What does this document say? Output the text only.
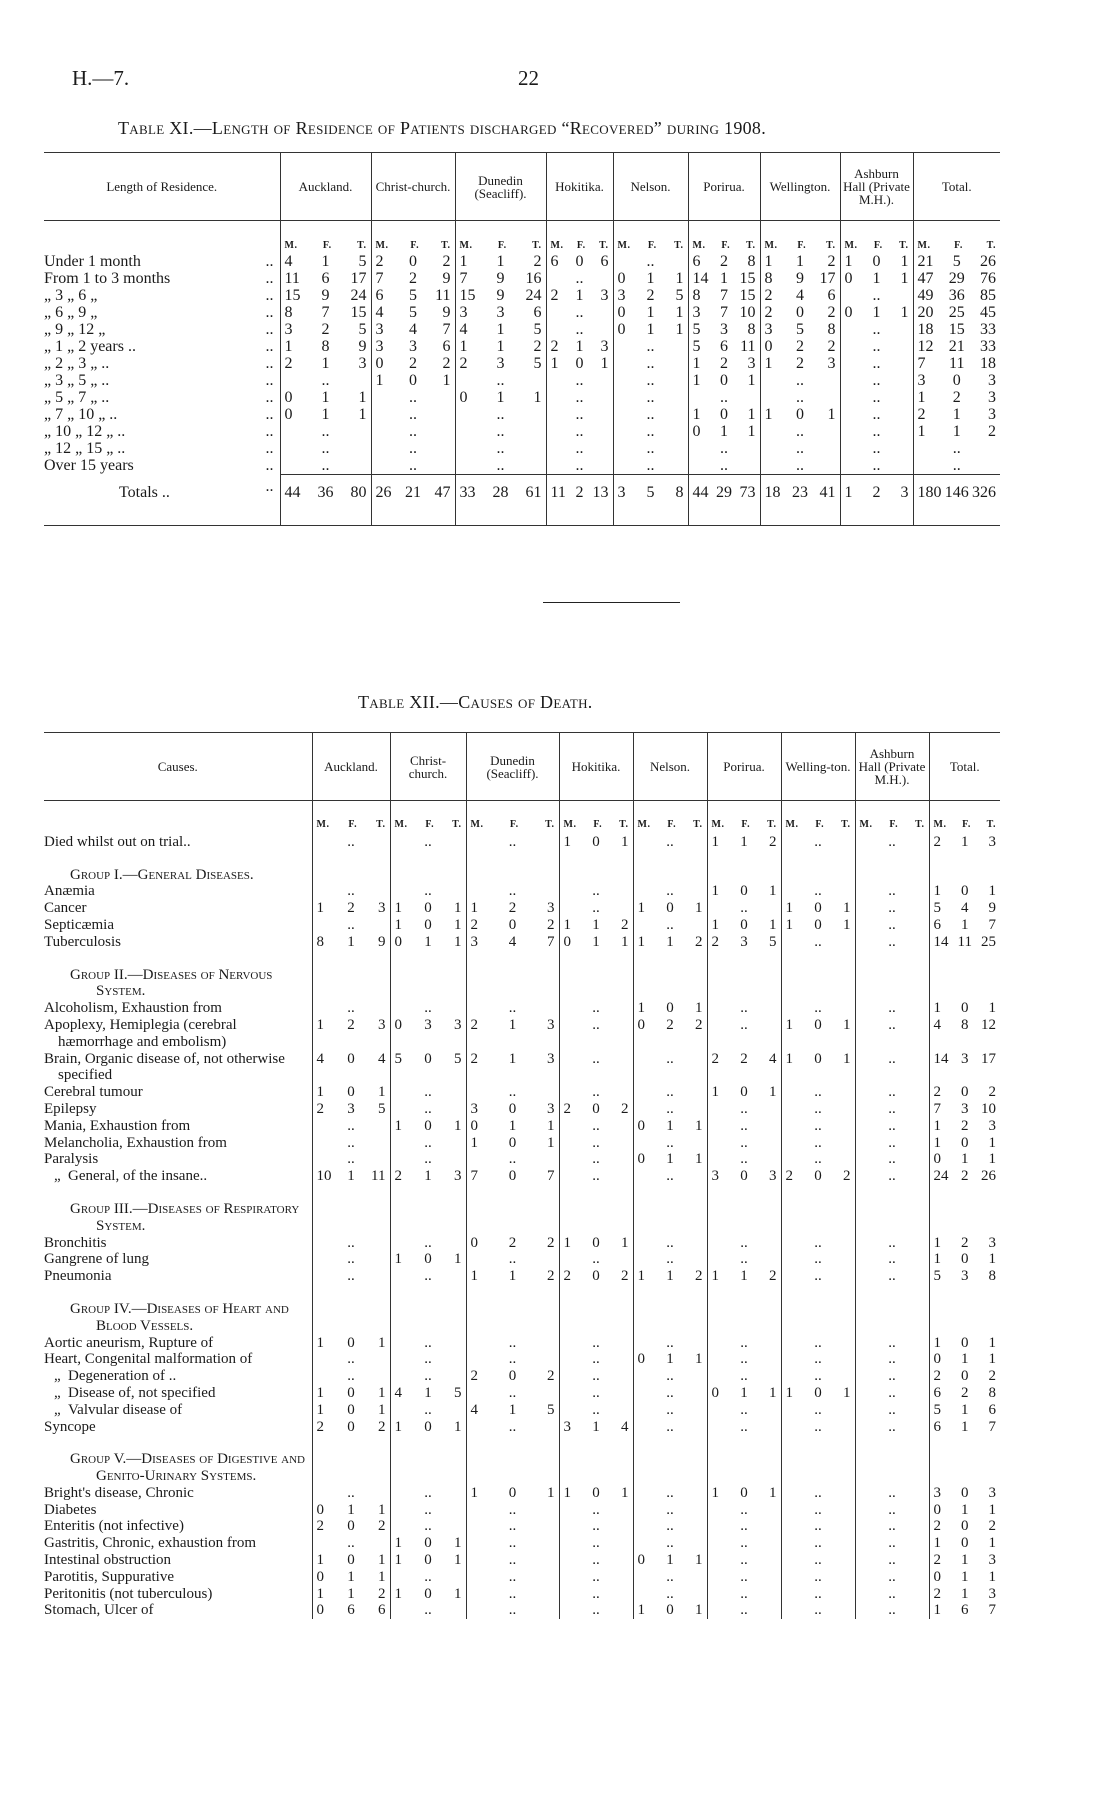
H.—7.	22
Table XI.—Length of Residence of Patients discharged “Recovered” during 1908.
Length of Residence.	Auckland.	Christ-church.	Dunedin (Seacliff).	Hokitika.	Nelson.	Porirua.	Wellington.	Ashburn Hall (Private M.H.).	Total.

	M. F. T.	M. F. T.	M. F. T.	M. F. T.	M. F. T.	M. F. T.	M. F. T.	M. F. T.	M. F. T.

Under 1 month ..	4 1 5	2 0 2	1 1 2	6 0 6	..	6 2 8	1 1 2	1 0 1	21 5 26

From 1 to 3 months ..	11 6 17	7 2 9	7 9 16	..	0 1 1	14 1 15	8 9 17	0 1 1	47 29 76

„ 3 „ 6 „ ..	15 9 24	6 5 11	15 9 24	2 1 3	3 2 5	8 7 15	2 4 6	..	49 36 85

„ 6 „ 9 „ ..	8 7 15	4 5 9	3 3 6	..	0 1 1	3 7 10	2 0 2	0 1 1	20 25 45

„ 9 „ 12 „ ..	3 2 5	3 4 7	4 1 5	..	0 1 1	5 3 8	3 5 8	..	18 15 33

„ 1 „ 2 years .. ..	1 8 9	3 3 6	1 1 2	2 1 3	..	5 6 11	0 2 2	..	12 21 33

„ 2 „ 3 „ .. ..	2 1 3	0 2 2	2 3 5	1 0 1	..	1 2 3	1 2 3	..	7 11 18

„ 3 „ 5 „ .. ..	..	1 0 1	..	..	..	1 0 1	..	..	3 0 3

„ 5 „ 7 „ .. ..	0 1 1	..	0 1 1	..	..	..	..	..	1 2 3

„ 7 „ 10 „ .. ..	0 1 1	..	..	..	..	1 0 1	1 0 1	..	2 1 3

„ 10 „ 12 „ .. ..	..	..	..	..	..	0 1 1	..	..	1 1 2

„ 12 „ 15 „ .. ..	..	..	..	..	..	..	..	..	..

Over 15 years ..	..	..	..	..	..	..	..	..	..

Totals .. ..	44 36 80	26 21 47	33 28 61	11 2 13	3 5 8	44 29 73	18 23 41	1 2 3	180 146 326

Table XII.—Causes of Death.
Causes.	Auckland.	Christ-church.	Dunedin (Seacliff).	Hokitika.	Nelson.	Porirua.	Welling-ton.	Ashburn Hall (Private M.H.).	Total.

	M. F. T.	M. F. T.	M. F. T.	M. F. T.	M. F. T.	M. F. T.	M. F. T.	M. F. T.	M. F. T.

Died whilst out on trial..	..	..	..	1 0 1	..	1 1 2	..	..	2 1 3

Group I.—General Diseases.									

Anæmia	..	..	..	..	..	1 0 1	..	..	1 0 1

Cancer	1 2 3	1 0 1	1 2 3	..	1 0 1	..	1 0 1	..	5 4 9

Septicæmia	..	1 0 1	2 0 2	1 1 2	..	1 0 1	1 0 1	..	6 1 7

Tuberculosis	8 1 9	0 1 1	3 4 7	0 1 1	1 1 2	2 3 5	..	..	14 11 25

Group II.—Diseases of Nervous System.									

Alcoholism, Exhaustion from	..	..	..	..	1 0 1	..	..	..	1 0 1

Apoplexy, Hemiplegia (cerebral hæmorrhage and embolism)	1 2 3	0 3 3	2 1 3	..	0 2 2	..	1 0 1	..	4 8 12

Brain, Organic disease of, not otherwise specified	4 0 4	5 0 5	2 1 3	..	..	2 2 4	1 0 1	..	14 3 17

Cerebral tumour	1 0 1	..	..	..	..	1 0 1	..	..	2 0 2

Epilepsy	2 3 5	..	3 0 3	2 0 2	..	..	..	..	7 3 10

Mania, Exhaustion from	..	1 0 1	0 1 1	..	0 1 1	..	..	..	1 2 3

Melancholia, Exhaustion from	..	..	1 0 1	..	..	..	..	..	1 0 1

Paralysis	..	..	..	..	0 1 1	..	..	..	0 1 1

„ General, of the insane..	10 1 11	2 1 3	7 0 7	..	..	3 0 3	2 0 2	..	24 2 26

Group III.—Diseases of Respiratory System.									

Bronchitis	..	..	0 2 2	1 0 1	..	..	..	..	1 2 3

Gangrene of lung	..	1 0 1	..	..	..	..	..	..	1 0 1

Pneumonia	..	..	1 1 2	2 0 2	1 1 2	1 1 2	..	..	5 3 8

Group IV.—Diseases of Heart and Blood Vessels.									

Aortic aneurism, Rupture of	1 0 1	..	..	..	..	..	..	..	1 0 1

Heart, Congenital malformation of	..	..	..	..	0 1 1	..	..	..	0 1 1

„ Degeneration of ..	..	..	2 0 2	..	..	..	..	..	2 0 2

„ Disease of, not specified	1 0 1	4 1 5	..	..	..	0 1 1	1 0 1	..	6 2 8

„ Valvular disease of	1 0 1	..	4 1 5	..	..	..	..	..	5 1 6

Syncope	2 0 2	1 0 1	..	3 1 4	..	..	..	..	6 1 7

Group V.—Diseases of Digestive and Genito-Urinary Systems.									

Bright's disease, Chronic	..	..	1 0 1	1 0 1	..	1 0 1	..	..	3 0 3

Diabetes	0 1 1	..	..	..	..	..	..	..	0 1 1

Enteritis (not infective)	2 0 2	..	..	..	..	..	..	..	2 0 2

Gastritis, Chronic, exhaustion from	..	1 0 1	..	..	..	..	..	..	1 0 1

Intestinal obstruction	1 0 1	1 0 1	..	..	0 1 1	..	..	..	2 1 3

Parotitis, Suppurative	0 1 1	..	..	..	..	..	..	..	0 1 1

Peritonitis (not tuberculous)	1 1 2	1 0 1	..	..	..	..	..	..	2 1 3

Stomach, Ulcer of	0 6 6	..	..	..	1 0 1	..	..	..	1 6 7
